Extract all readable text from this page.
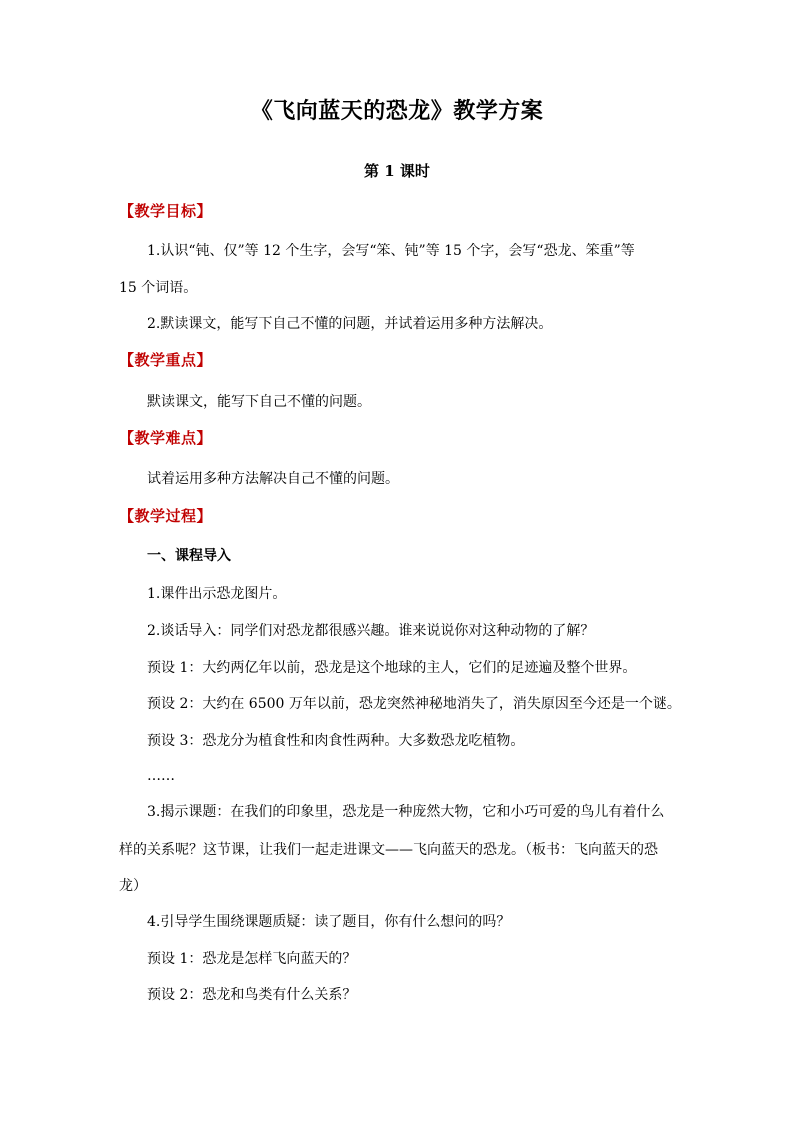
《飞向蓝天的恐龙》教学方案
第 1 课时
【教学目标】
1.认识“钝、仅”等 12 个生字，会写“笨、钝”等 15 个字，会写“恐龙、笨重”等
15 个词语。
2.默读课文，能写下自己不懂的问题，并试着运用多种方法解决。
【教学重点】
默读课文，能写下自己不懂的问题。
【教学难点】
试着运用多种方法解决自己不懂的问题。
【教学过程】
一、课程导入
1.课件出示恐龙图片。
2.谈话导入：同学们对恐龙都很感兴趣。谁来说说你对这种动物的了解？
预设 1：大约两亿年以前，恐龙是这个地球的主人，它们的足迹遍及整个世界。
预设 2：大约在 6500 万年以前，恐龙突然神秘地消失了，消失原因至今还是一个谜。
预设 3：恐龙分为植食性和肉食性两种。大多数恐龙吃植物。
……
3.揭示课题：在我们的印象里，恐龙是一种庞然大物，它和小巧可爱的鸟儿有着什么
样的关系呢？这节课，让我们一起走进课文——飞向蓝天的恐龙。（板书：飞向蓝天的恐
龙）
4.引导学生围绕课题质疑：读了题目，你有什么想问的吗？
预设 1：恐龙是怎样飞向蓝天的？
预设 2：恐龙和鸟类有什么关系？
